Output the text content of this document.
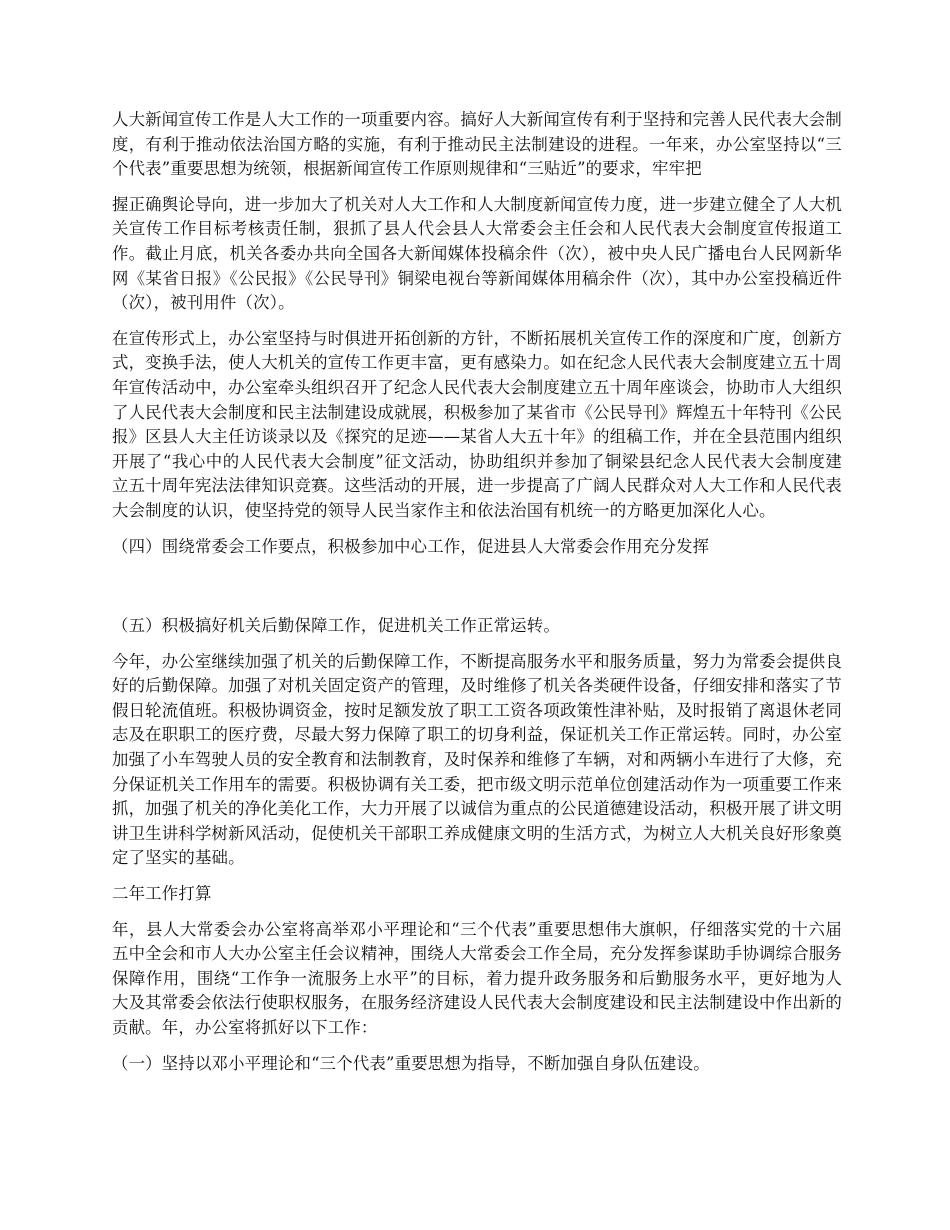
人大新闻宣传工作是人大工作的一项重要内容。搞好人大新闻宣传有利于坚持和完善人民代表大会制度，有利于推动依法治国方略的实施，有利于推动民主法制建设的进程。一年来，办公室坚持以“三个代表”重要思想为统领，根据新闻宣传工作原则规律和“三贴近”的要求，牢牢把

握正确舆论导向，进一步加大了机关对人大工作和人大制度新闻宣传力度，进一步建立健全了人大机关宣传工作目标考核责任制，狠抓了县人代会县人大常委会主任会和人民代表大会制度宣传报道工作。截止月底，机关各委办共向全国各大新闻媒体投稿余件（次），被中央人民广播电台人民网新华网《某省日报》《公民报》《公民导刊》铜梁电视台等新闻媒体用稿余件（次），其中办公室投稿近件（次），被刊用件（次）。

在宣传形式上，办公室坚持与时俱进开拓创新的方针，不断拓展机关宣传工作的深度和广度，创新方式，变换手法，使人大机关的宣传工作更丰富，更有感染力。如在纪念人民代表大会制度建立五十周年宣传活动中，办公室牵头组织召开了纪念人民代表大会制度建立五十周年座谈会，协助市人大组织了人民代表大会制度和民主法制建设成就展，积极参加了某省市《公民导刊》辉煌五十年特刊《公民报》区县人大主任访谈录以及《探究的足迹——某省人大五十年》的组稿工作，并在全县范围内组织开展了“我心中的人民代表大会制度”征文活动，协助组织并参加了铜梁县纪念人民代表大会制度建立五十周年宪法法律知识竞赛。这些活动的开展，进一步提高了广阔人民群众对人大工作和人民代表大会制度的认识，使坚持党的领导人民当家作主和依法治国有机统一的方略更加深化人心。

（四）围绕常委会工作要点，积极参加中心工作，促进县人大常委会作用充分发挥

（五）积极搞好机关后勤保障工作，促进机关工作正常运转。

今年，办公室继续加强了机关的后勤保障工作，不断提高服务水平和服务质量，努力为常委会提供良好的后勤保障。加强了对机关固定资产的管理，及时维修了机关各类硬件设备，仔细安排和落实了节假日轮流值班。积极协调资金，按时足额发放了职工工资各项政策性津补贴，及时报销了离退休老同志及在职职工的医疗费，尽最大努力保障了职工的切身利益，保证机关工作正常运转。同时，办公室加强了小车驾驶人员的安全教育和法制教育，及时保养和维修了车辆，对和两辆小车进行了大修，充分保证机关工作用车的需要。积极协调有关工委，把市级文明示范单位创建活动作为一项重要工作来抓，加强了机关的净化美化工作，大力开展了以诚信为重点的公民道德建设活动，积极开展了讲文明讲卫生讲科学树新风活动，促使机关干部职工养成健康文明的生活方式，为树立人大机关良好形象奠定了坚实的基础。

二年工作打算

年，县人大常委会办公室将高举邓小平理论和“三个代表”重要思想伟大旗帜，仔细落实党的十六届五中全会和市人大办公室主任会议精神，围绕人大常委会工作全局，充分发挥参谋助手协调综合服务保障作用，围绕“工作争一流服务上水平”的目标，着力提升政务服务和后勤服务水平，更好地为人大及其常委会依法行使职权服务，在服务经济建设人民代表大会制度建设和民主法制建设中作出新的贡献。年，办公室将抓好以下工作：

（一）坚持以邓小平理论和“三个代表”重要思想为指导，不断加强自身队伍建设。
